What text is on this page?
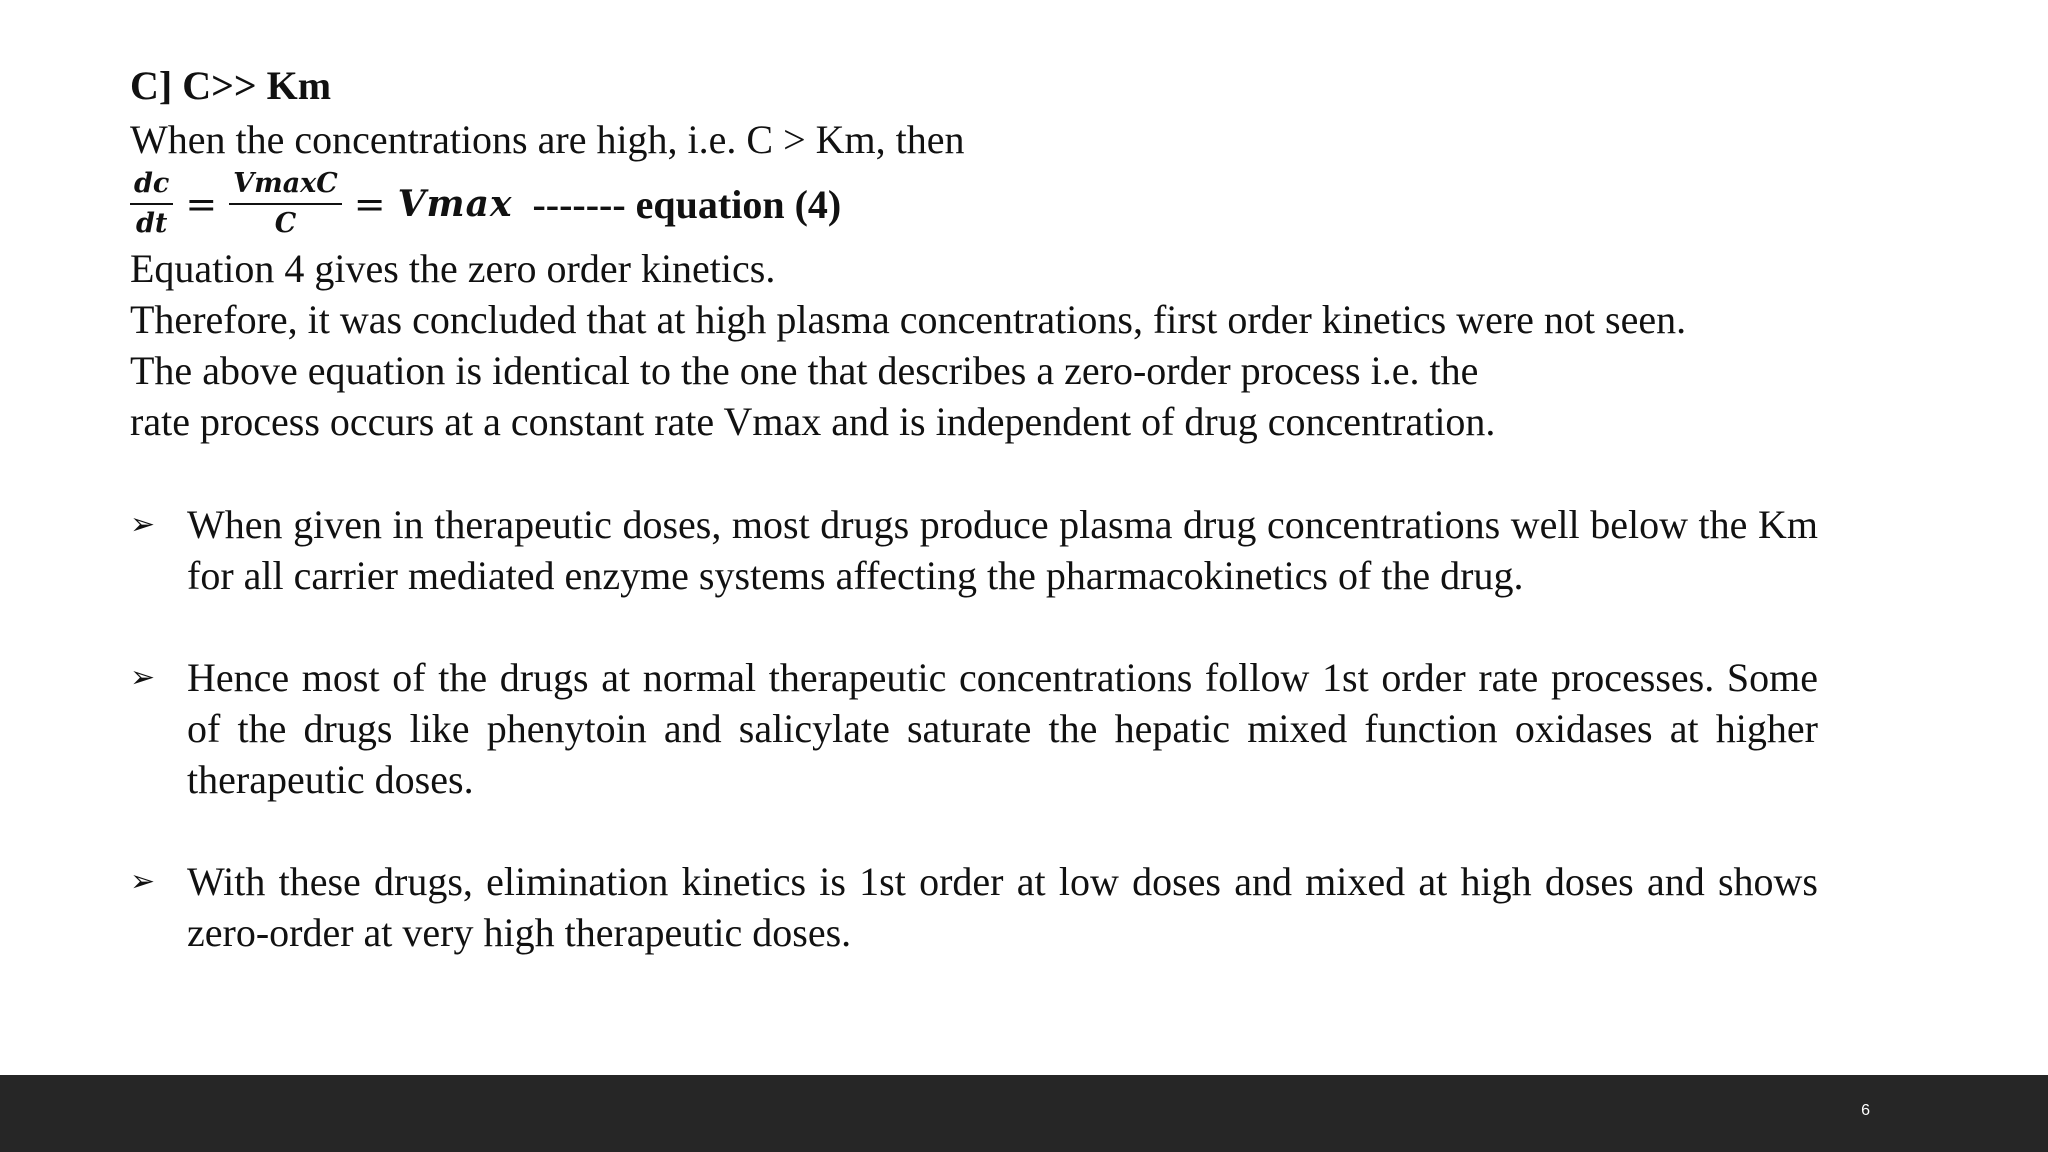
C] C>> Km

When the concentrations are high, i.e. C > Km, then

$\frac{dc}{dt} = \frac{VmaxC}{C} = Vmax$ ------- equation (4)

Equation 4 gives the zero order kinetics.

Therefore, it was concluded that at high plasma concentrations, first order kinetics were not seen.

The above equation is identical to the one that describes a zero-order process i.e. the

rate process occurs at a constant rate Vmax and is independent of drug concentration.

➢ When given in therapeutic doses, most drugs produce plasma drug concentrations well below the Km for all carrier mediated enzyme systems affecting the pharmacokinetics of the drug.
➢ Hence most of the drugs at normal therapeutic concentrations follow 1st order rate processes. Some of the drugs like phenytoin and salicylate saturate the hepatic mixed function oxidases at higher therapeutic doses.
➢ With these drugs, elimination kinetics is 1st order at low doses and mixed at high doses and shows zero-order at very high therapeutic doses.
6
